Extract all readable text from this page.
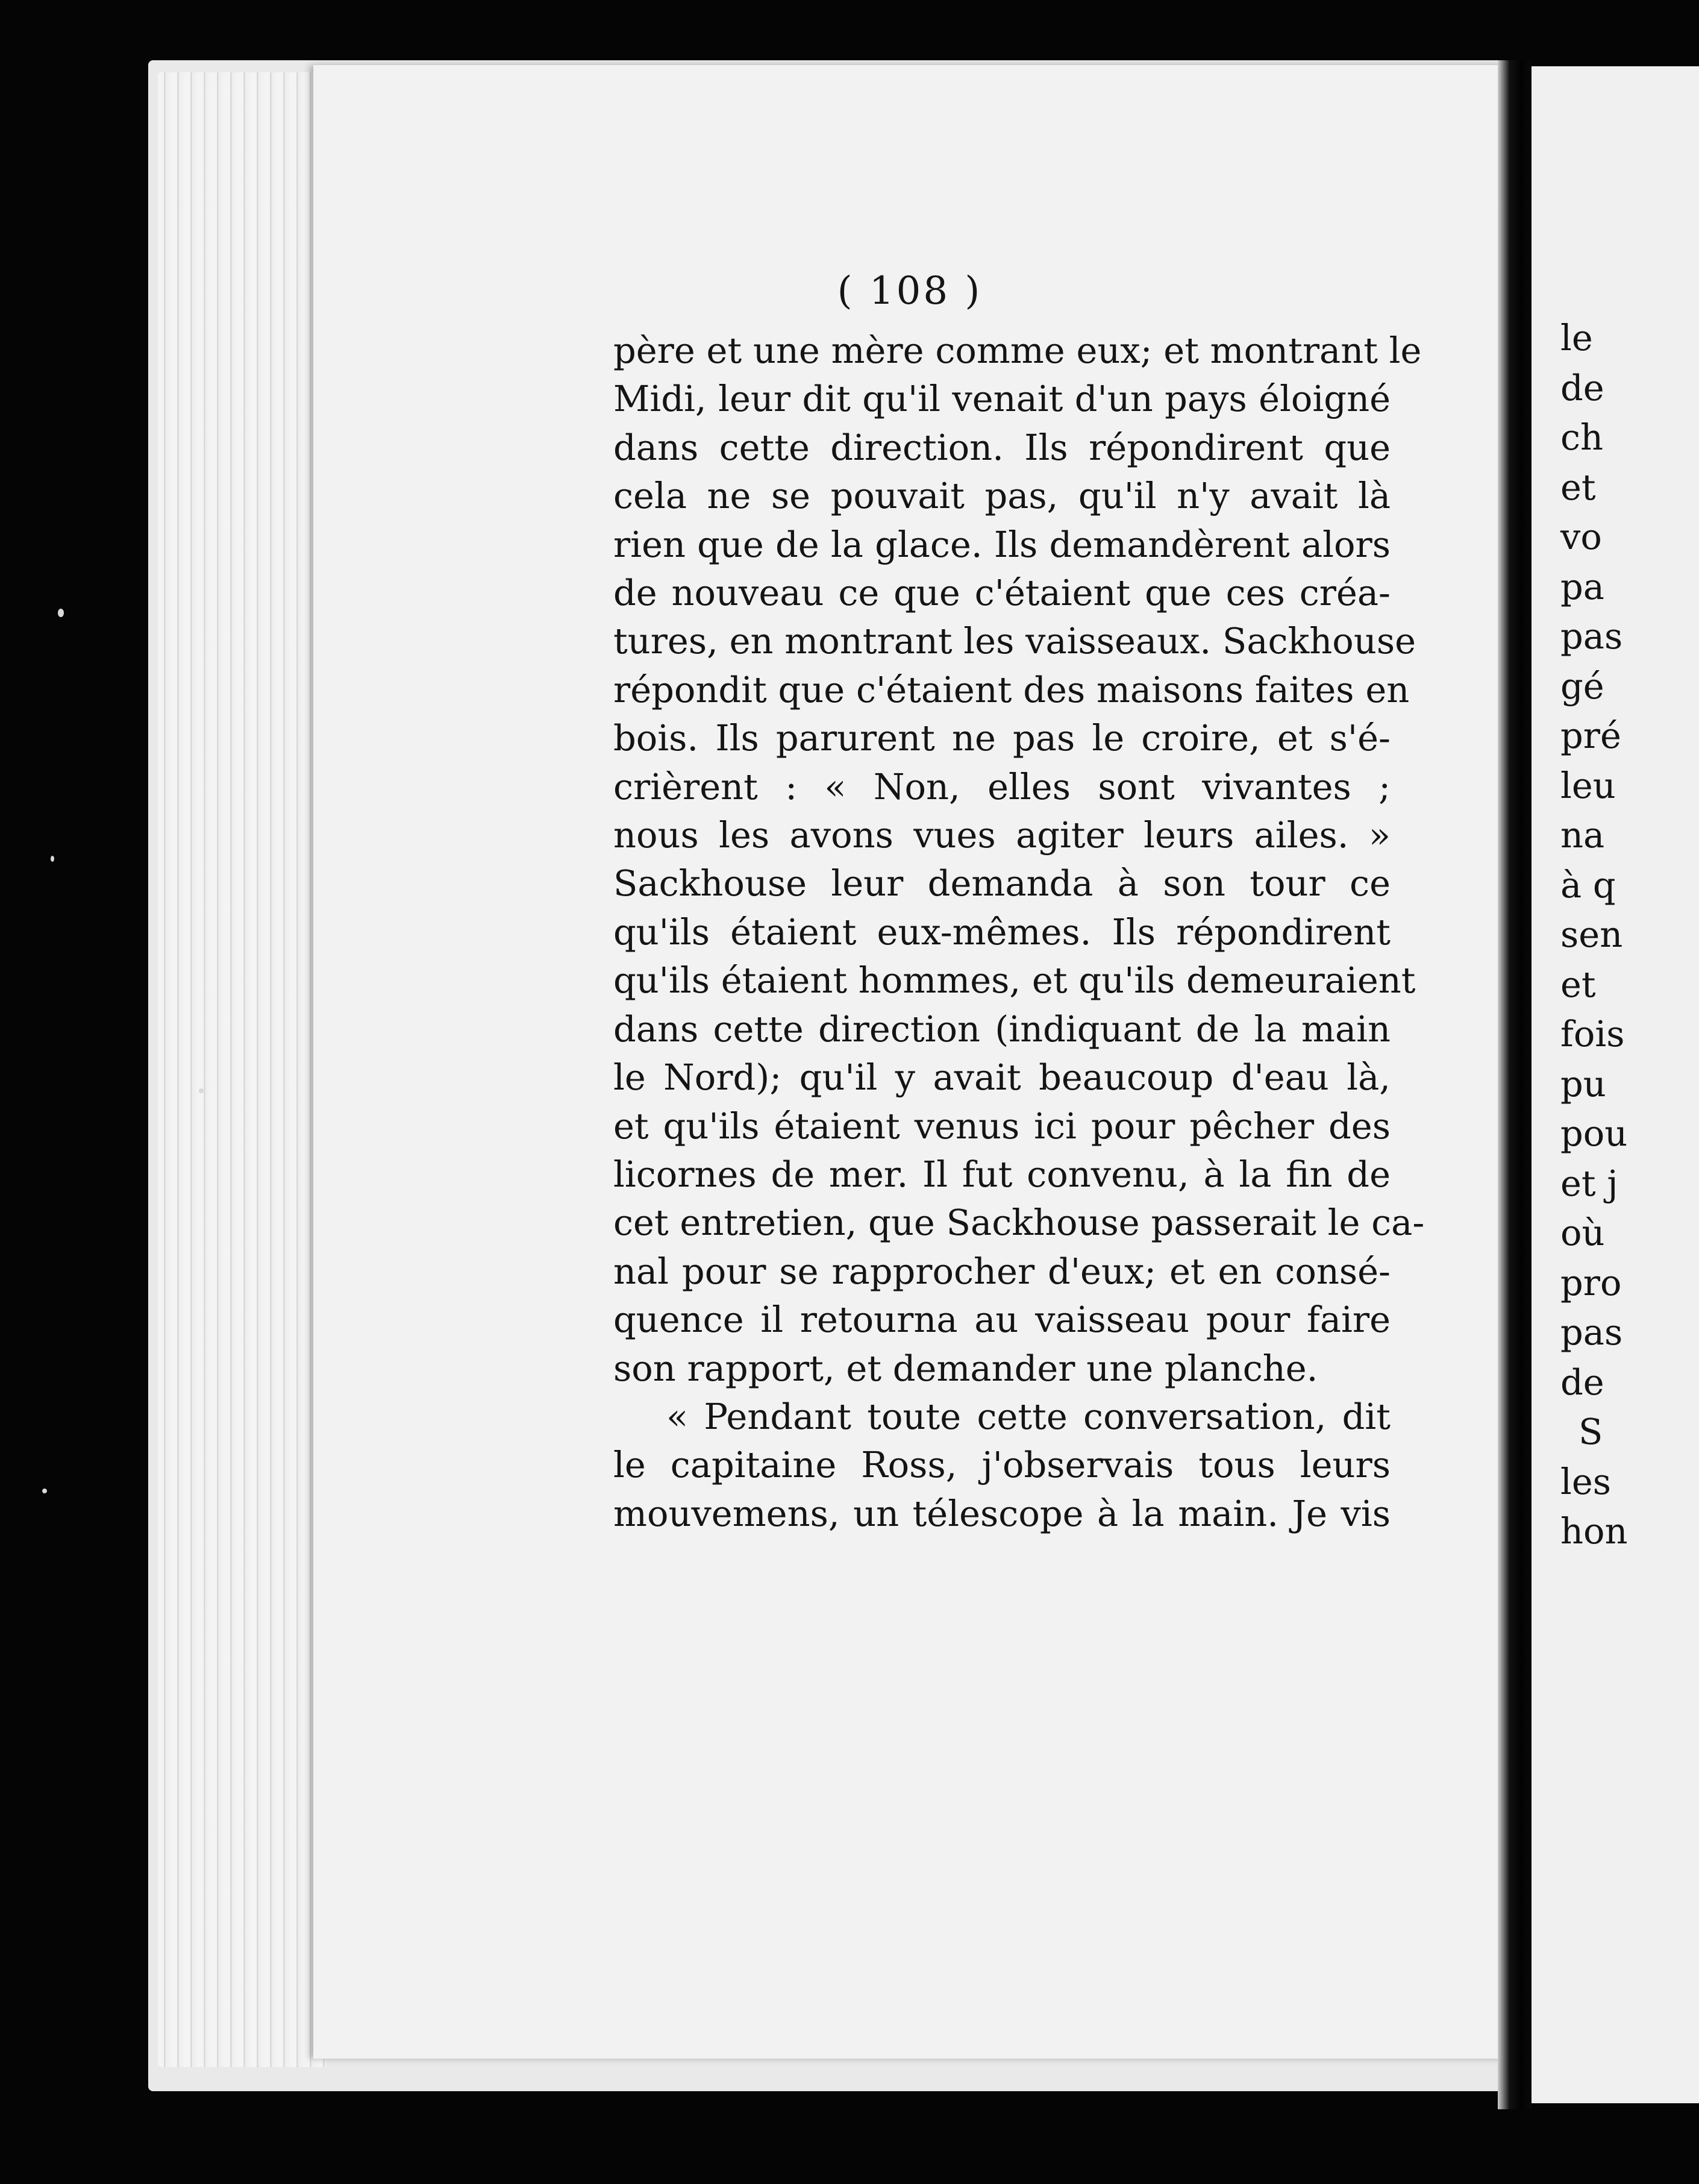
( 108 )
père et une mère comme eux; et montrant le
Midi, leur dit qu'il venait d'un pays éloigné
dans cette direction. Ils répondirent que
cela ne se pouvait pas, qu'il n'y avait là
rien que de la glace. Ils demandèrent alors
de nouveau ce que c'étaient que ces créa-
tures, en montrant les vaisseaux. Sackhouse
répondit que c'étaient des maisons faites en
bois. Ils parurent ne pas le croire, et s'é-
crièrent : « Non, elles sont vivantes ;
nous les avons vues agiter leurs ailes. »
Sackhouse leur demanda à son tour ce
qu'ils étaient eux-mêmes. Ils répondirent
qu'ils étaient hommes, et qu'ils demeuraient
dans cette direction (indiquant de la main
le Nord); qu'il y avait beaucoup d'eau là,
et qu'ils étaient venus ici pour pêcher des
licornes de mer. Il fut convenu, à la fin de
cet entretien, que Sackhouse passerait le ca-
nal pour se rapprocher d'eux; et en consé-
quence il retourna au vaisseau pour faire
son rapport, et demander une planche.
« Pendant toute cette conversation, dit
le capitaine Ross, j'observais tous leurs
mouvemens, un télescope à la main. Je vis
le
de
ch
et
vo
pa
pas
gé
pré
leu
na
à q
sen
et
fois
pu
pou
et j
où
pro
pas
de
S
les
hon
